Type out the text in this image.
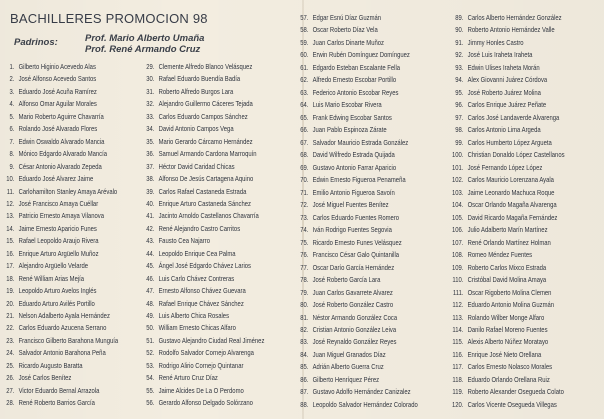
BACHILLERES PROMOCION 98
Padrinos:	Prof. Mario Alberto Umaña
Prof. René Armando Cruz
1. Gilberto Higinio Acevedo Alas
2. José Alfonso Acevedo Santos
3. Eduardo José Acuña Ramírez
4. Alfonso Omar Aguilar Morales
5. Mario Roberto Aguirre Chavarría
6. Rolando José Alvarado Flores
7. Edwin Oswaldo Alvarado Mancia
8. Mónico Edgardo Alvarado Mancía
9. César Antonio Alvarado Zepeda
10. Eduardo José Alvarez Jaime
11. Carlohamilton Stanley Amaya Arévalo
12. José Francisco Amaya Cuéllar
13. Patricio Ernesto Amaya Vilanova
14. Jaime Ernesto Aparicio Funes
15. Rafael Leopoldo Araujo Rivera
16. Enrique Arturo Argüello Muñoz
17. Alejandro Argüello Velarde
18. René William Arias Mejía
19. Leopoldo Arturo Avelos Inglés
20. Eduardo Arturo Avilés Portillo
21. Nelson Adalberto Ayala Hernández
22. Carlos Eduardo Azucena Serrano
23. Francisco Gilberto Barahona Munguía
24. Salvador Antonio Barahona Peña
25. Ricardo Augusto Baratta
26. José Carlos Benítez
27. Victor Eduardo Bernal Arrazola
28. René Roberto Barrios García
29. Clemente Alfredo Blanco Velásquez
30. Rafael Eduardo Buendía Badía
31. Roberto Alfredo Burgos Lara
32. Alejandro Guillermo Cáceres Tejada
33. Carlos Eduardo Campos Sánchez
34. David Antonio Campos Vega
35. Mario Gerardo Cárcamo Hernández
36. Samuel Armando Cardona Marroquín
37. Héctor David Caridad Chicas
38. Alfonso De Jesús Cartagena Aquino
39. Carlos Rafael Castaneda Estrada
40. Enrique Arturo Castaneda Sánchez
41. Jacinto Arnoldo Castellanos Chavarría
42. René Alejandro Castro Carritos
43. Fausto Cea Najarro
44. Leopoldo Enrique Cea Palma
45. Ángel José Edgardo Chávez Larios
46. Luis Carlo Chávez Contreras
47. Ernesto Alfonso Chávez Guevara
48. Rafael Enrique Chávez Sánchez
49. Luis Alberto Chica Rosales
50. William Ernesto Chicas Alfaro
51. Gustavo Alejandro Ciudad Real Jiménez
52. Rodolfo Salvador Cornejo Alvarenga
53. Rodrigo Alirio Cornejo Quintanar
54. René Arturo Cruz Díaz
55. Jaime Alcides De La O Perdomo
56. Gerardo Alfonso Delgado Solórzano
57. Edgar Esnú Díaz Guzmán
58. Oscar Roberto Díaz Vela
59. Juan Carlos Dinarte Muñoz
60. Erwin Rubén Domínguez Domínguez
61. Edgardo Esteban Escalante Fella
62. Alfredo Ernesto Escobar Portillo
63. Federico Antonio Escobar Reyes
64. Luis Mario Escobar Rivera
65. Frank Edwing Escobar Santos
66. Juan Pablo Espinoza Zárate
67. Salvador Mauricio Estrada González
68. David Wilfredo Estrada Quijada
69. Gustavo Antonio Farrar Aparicio
70. Edwin Ernesto Figueroa Penameña
71. Emilio Antonio Figueroa Savoín
72. José Miguel Fuentes Benítez
73. Carlos Eduardo Fuentes Romero
74. Iván Rodrigo Fuentes Segovia
75. Ricardo Ernesto Funes Velásquez
76. Francisco César Galo Quintanilla
77. Oscar Darío García Hernández
78. José Roberto García Lara
79. Juan Carlos Gavarrete Alvarez
80. José Roberto González Castro
81. Néstor Armando González Coca
82. Cristian Antonio González Leiva
83. José Reynaldo González Reyes
84. Juan Miguel Granados Díaz
85. Adrián Alberto Guerra Cruz
86. Gilberto Henríquez Pérez
87. Gustavo Adolfo Hernández Canizalez
88. Leopoldo Salvador Hernández Colorado
89. Carlos Alberto Hernández González
90. Roberto Antonio Hernández Valle
91. Jimmy Honles Castro
92. José Luis Iraheta Iraheta
93. Edwin Ulises Iraheta Morán
94. Alex Giovanni Juárez Córdova
95. José Roberto Juárez Molina
96. Carlos Enrique Juárez Peñate
97. Carlos José Landaverde Alvarenga
98. Carlos Antonio Lima Argeda
99. Carlos Humberto López Argueta
100. Christian Donaldo López Castellanos
101. José Fernando López López
102. Carlos Mauricio Lorenzana Ayala
103. Jaime Leonardo Machuca Roque
104. Oscar Orlando Magaña Alvarenga
105. David Ricardo Magaña Fernández
106. Julio Adalberto Marín Martínez
107. René Orlando Martínez Holman
108. Romeo Méndez Fuentes
109. Roberto Carlos Mixco Estrada
110. Cristóbal David Molina Amaya
111. Oscar Rigoberto Molina Clemen
112. Eduardo Antonio Molina Guzmán
113. Rolando Wilber Monge Alfaro
114. Danilo Rafael Moreno Fuentes
115. Alexis Alberto Núñez Moratayo
116. Enrique José Nieto Orellana
117. Carlos Ernesto Nolasco Morales
118. Eduardo Orlando Orellana Ruiz
119. Roberto Alexander Osegueda Colato
120. Carlos Vicente Osegueda Villegas
